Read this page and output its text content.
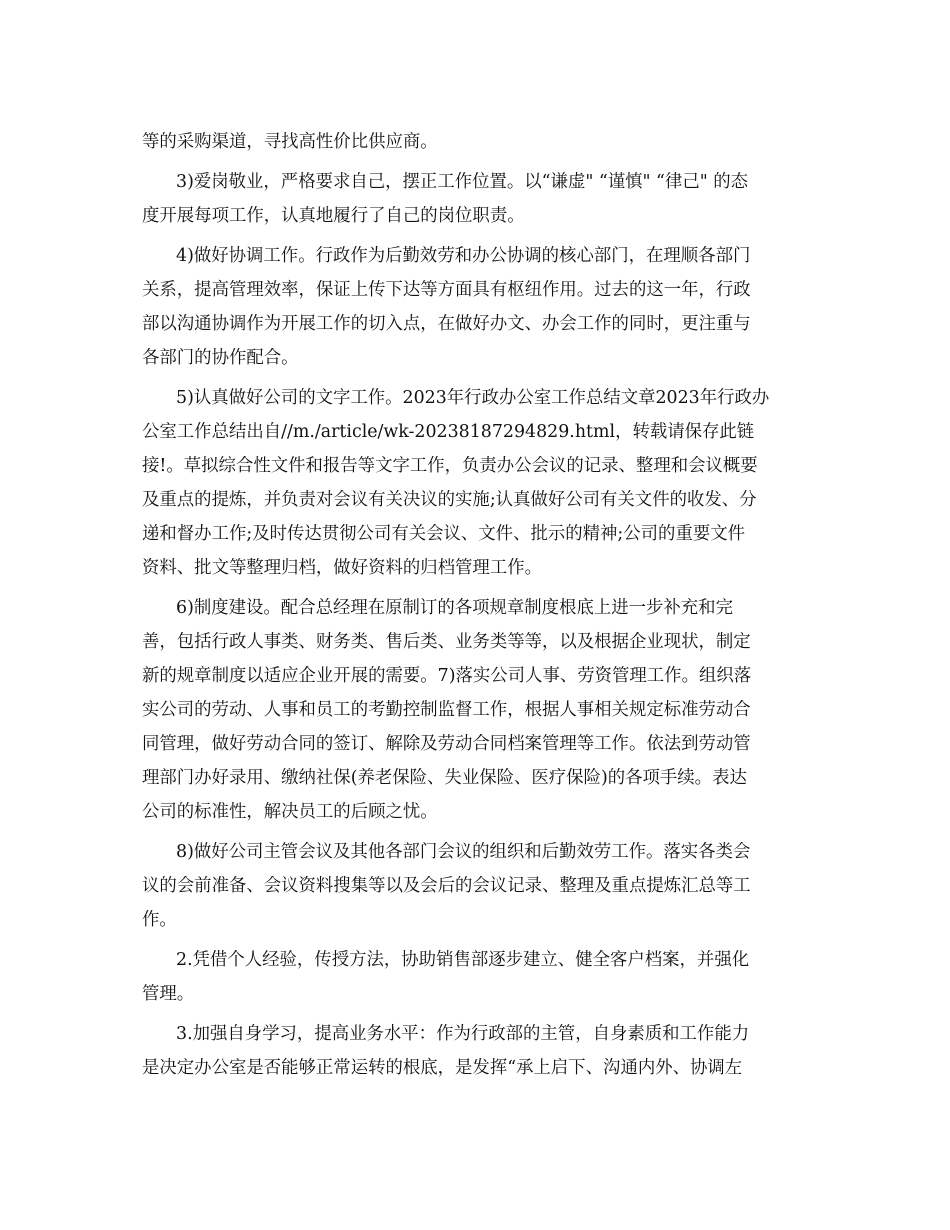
等的采购渠道，寻找高性价比供应商。

3)爱岗敬业，严格要求自己，摆正工作位置。以“谦虚" “谨慎" “律己" 的态

度开展每项工作，认真地履行了自己的岗位职责。

4)做好协调工作。行政作为后勤效劳和办公协调的核心部门，在理顺各部门

关系，提高管理效率，保证上传下达等方面具有枢纽作用。过去的这一年，行政

部以沟通协调作为开展工作的切入点，在做好办文、办会工作的同时，更注重与

各部门的协作配合。

5)认真做好公司的文字工作。2023年行政办公室工作总结文章2023年行政办

公室工作总结出自//m./article/wk-20238187294829.html，转载请保存此链

接!。草拟综合性文件和报告等文字工作，负责办公会议的记录、整理和会议概要

及重点的提炼，并负责对会议有关决议的实施;认真做好公司有关文件的收发、分

递和督办工作;及时传达贯彻公司有关会议、文件、批示的精神;公司的重要文件

资料、批文等整理归档，做好资料的归档管理工作。

6)制度建设。配合总经理在原制订的各项规章制度根底上进一步补充和完

善，包括行政人事类、财务类、售后类、业务类等等，以及根据企业现状，制定

新的规章制度以适应企业开展的需要。7)落实公司人事、劳资管理工作。组织落

实公司的劳动、人事和员工的考勤控制监督工作，根据人事相关规定标准劳动合

同管理，做好劳动合同的签订、解除及劳动合同档案管理等工作。依法到劳动管

理部门办好录用、缴纳社保(养老保险、失业保险、医疗保险)的各项手续。表达

公司的标准性，解决员工的后顾之忧。

8)做好公司主管会议及其他各部门会议的组织和后勤效劳工作。落实各类会

议的会前准备、会议资料搜集等以及会后的会议记录、整理及重点提炼汇总等工

作。

2.凭借个人经验，传授方法，协助销售部逐步建立、健全客户档案，并强化

管理。

3.加强自身学习，提高业务水平：作为行政部的主管，自身素质和工作能力

是决定办公室是否能够正常运转的根底，是发挥“承上启下、沟通内外、协调左
